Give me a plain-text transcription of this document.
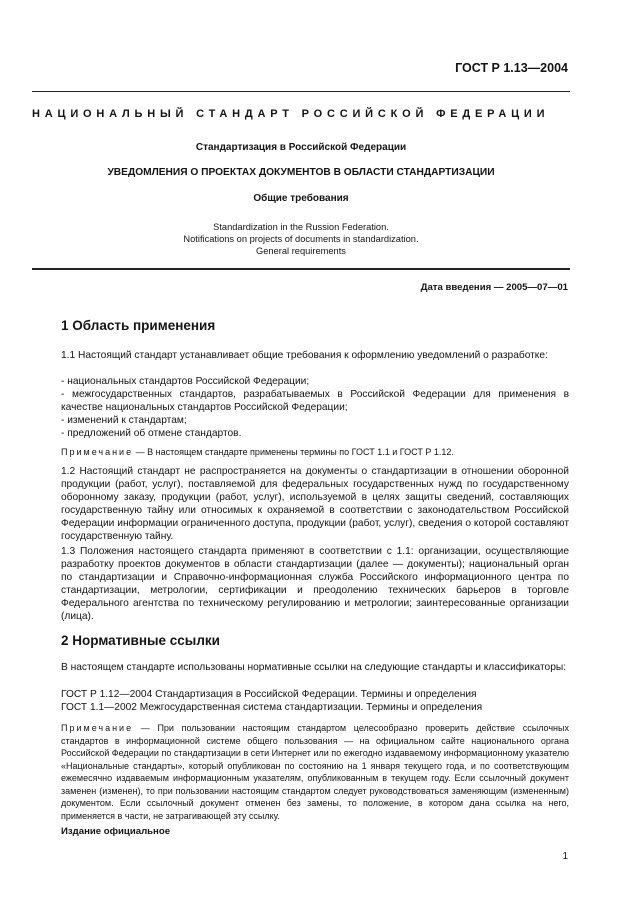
ГОСТ Р 1.13—2004
НАЦИОНАЛЬНЫЙ СТАНДАРТ РОССИЙСКОЙ ФЕДЕРАЦИИ
Стандартизация в Российской Федерации
УВЕДОМЛЕНИЯ О ПРОЕКТАХ ДОКУМЕНТОВ В ОБЛАСТИ СТАНДАРТИЗАЦИИ
Общие требования
Standardization in the Russion Federation.
Notifications on projects of documents in standardization.
General requirements
Дата введения — 2005—07—01
1 Область применения

1.1 Настоящий стандарт устанавливает общие требования к оформлению уведомлений о разработке:

- национальных стандартов Российской Федерации;

- межгосударственных стандартов, разрабатываемых в Российской Федерации для применения в качестве национальных стандартов Российской Федерации;

- изменений к стандартам;

- предложений об отмене стандартов.

Примечание — В настоящем стандарте применены термины по ГОСТ 1.1 и ГОСТ Р 1.12.

1.2 Настоящий стандарт не распространяется на документы о стандартизации в отношении оборонной продукции (работ, услуг), поставляемой для федеральных государственных нужд по государственному оборонному заказу, продукции (работ, услуг), используемой в целях защиты сведений, составляющих государственную тайну или относимых к охраняемой в соответствии с законодательством Российской Федерации информации ограниченного доступа, продукции (работ, услуг), сведения о которой составляют государственную тайну.

1.3 Положения настоящего стандарта применяют в соответствии с 1.1: организации, осуществляющие разработку проектов документов в области стандартизации (далее — документы); национальный орган по стандартизации и Справочно-информационная служба Российского информационного центра по стандартизации, метрологии, сертификации и преодолению технических барьеров в торговле Федерального агентства по техническому регулированию и метрологии; заинтересованные организации (лица).

2 Нормативные ссылки

В настоящем стандарте использованы нормативные ссылки на следующие стандарты и классификаторы:

ГОСТ Р 1.12—2004 Стандартизация в Российской Федерации. Термины и определения

ГОСТ 1.1—2002 Межгосударственная система стандартизации. Термины и определения

Примечание — При пользовании настоящим стандартом целесообразно проверить действие ссылочных стандартов в информационной системе общего пользования — на официальном сайте национального органа Российской Федерации по стандартизации в сети Интернет или по ежегодно издаваемому информационному указателю «Национальные стандарты», который опубликован по состоянию на 1 января текущего года, и по соответствующим ежемесячно издаваемым информационным указателям, опубликованным в текущем году. Если ссылочный документ заменен (изменен), то при пользовании настоящим стандартом следует руководствоваться заменяющим (измененным) документом. Если ссылочный документ отменен без замены, то положение, в котором дана ссылка на него, применяется в части, не затрагивающей эту ссылку.

Издание официальное
1
